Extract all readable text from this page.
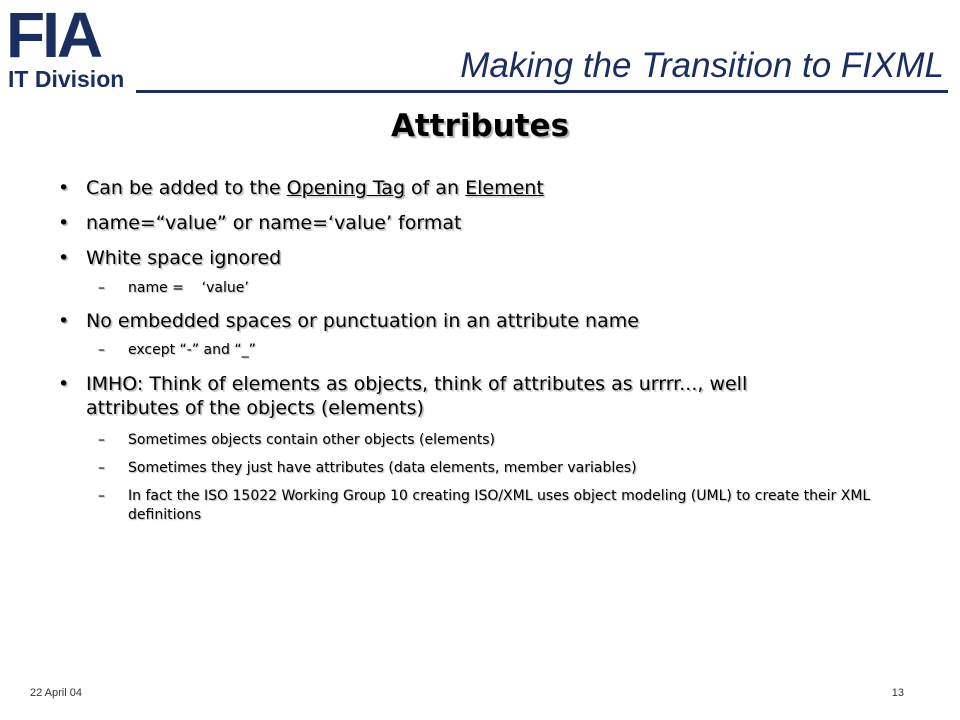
FIA
IT Division	Making the Transition to FIXML
Attributes
• Can be added to the Opening Tag of an Element
• name=“value” or name=‘value’ format
• White space ignored
– name =    ‘value’
• No embedded spaces or punctuation in an attribute name
– except “-” and “_”
• IMHO: Think of elements as objects, think of attributes as urrrr..., well attributes of the objects (elements)
– Sometimes objects contain other objects (elements)
– Sometimes they just have attributes (data elements, member variables)
– In fact the ISO 15022 Working Group 10 creating ISO/XML uses object modeling (UML) to create their XML definitions
22 April 04	13
